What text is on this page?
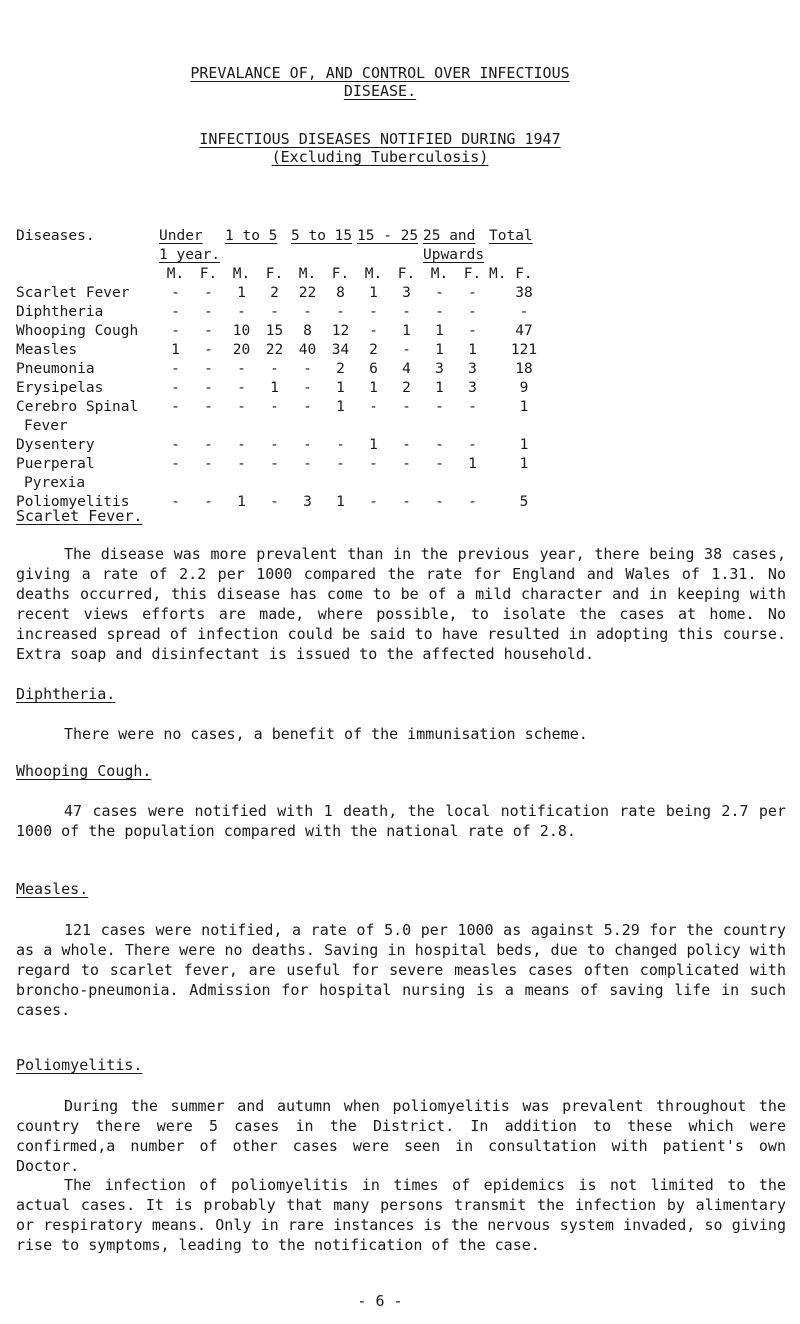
PREVALANCE OF, AND CONTROL OVER INFECTIOUS
DISEASE.
INFECTIOUS DISEASES NOTIFIED DURING 1947
(Excluding Tuberculosis)
Diseases.	Under		1 to 5		5 to 15		15 - 25		25 and		Total
	1 year.								Upwards		
	M.	F.	M.	F.	M.	F.	M.	F.	M.	F.	M. F.
Scarlet Fever	-	-	1	2	22	8	1	3	-	-	38
Diphtheria	-	-	-	-	-	-	-	-	-	-	-
Whooping Cough	-	-	10	15	8	12	-	1	1	-	47
Measles	1	-	20	22	40	34	2	-	1	1	121
Pneumonia	-	-	-	-	-	2	6	4	3	3	18
Erysipelas	-	-	-	1	-	1	1	2	1	3	9
Cerebro Spinal	-	-	-	-	-	1	-	-	-	-	1
Fever											
Dysentery	-	-	-	-	-	-	1	-	-	-	1
Puerperal	-	-	-	-	-	-	-	-	-	1	1
Pyrexia											
Poliomyelitis	-	-	1	-	3	1	-	-	-	-	5
Scarlet Fever.

The disease was more prevalent than in the previous year, there being 38 cases, giving a rate of 2.2 per 1000 compared the rate for England and Wales of 1.31. No deaths occurred, this disease has come to be of a mild character and in keeping with recent views efforts are made, where possible, to isolate the cases at home. No increased spread of infection could be said to have resulted in adopting this course. Extra soap and disinfectant is issued to the affected household.

Diphtheria.

There were no cases, a benefit of the immunisation scheme.

Whooping Cough.

47 cases were notified with 1 death, the local notification rate being 2.7 per 1000 of the population compared with the national rate of 2.8.

Measles.

121 cases were notified, a rate of 5.0 per 1000 as against 5.29 for the country as a whole. There were no deaths. Saving in hospital beds, due to changed policy with regard to scarlet fever, are useful for severe measles cases often complicated with broncho-pneumonia. Admission for hospital nursing is a means of saving life in such cases.

Poliomyelitis.

During the summer and autumn when poliomyelitis was prevalent throughout the country there were 5 cases in the District. In addition to these which were confirmed,a number of other cases were seen in consultation with patient's own Doctor.

The infection of poliomyelitis in times of epidemics is not limited to the actual cases. It is probably that many persons transmit the infection by alimentary or respiratory means. Only in rare instances is the nervous system invaded, so giving rise to symptoms, leading to the notification of the case.

- 6 -
